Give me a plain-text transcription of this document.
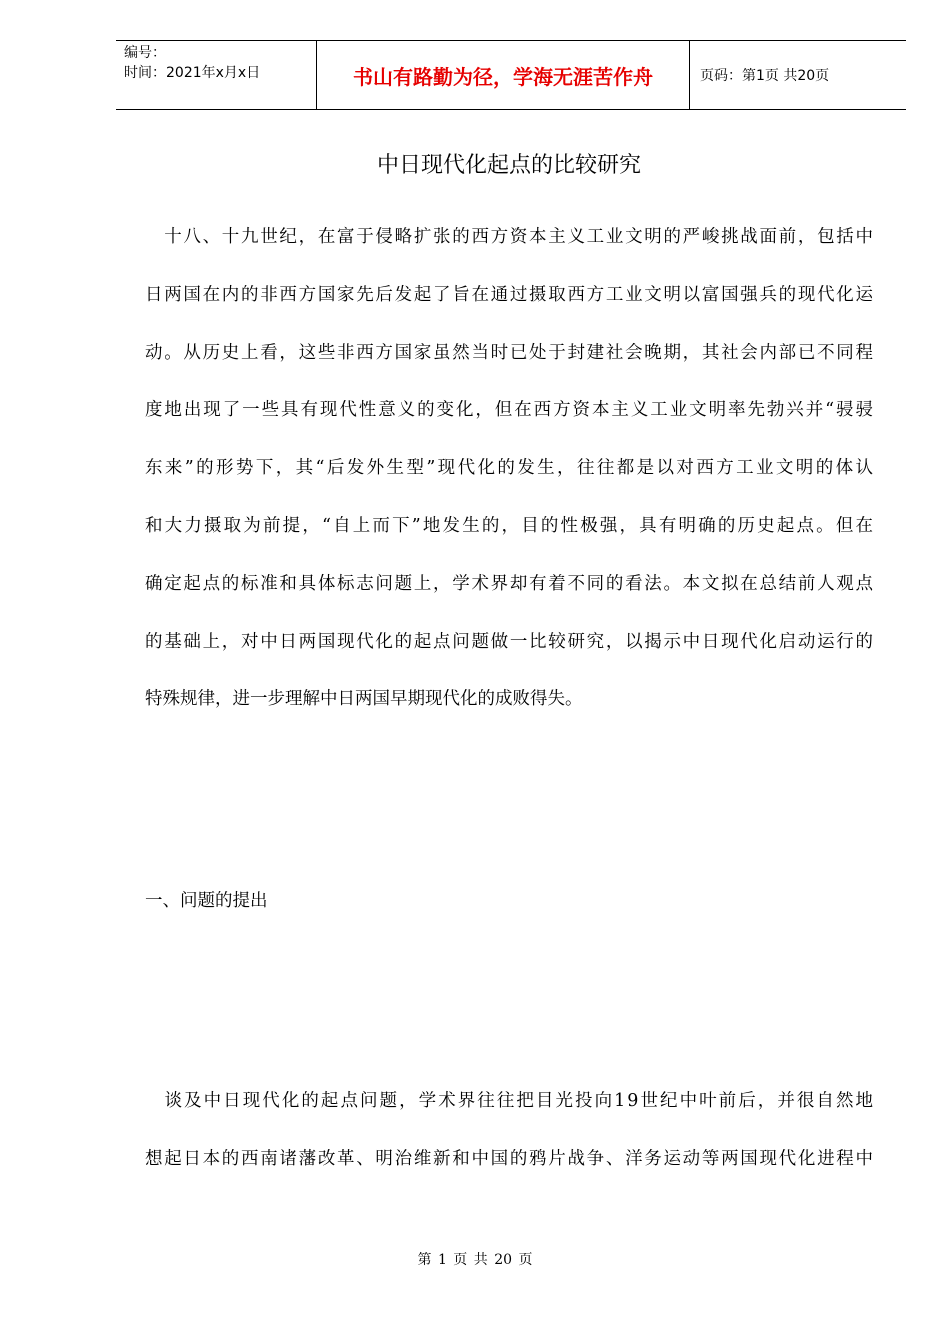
编号：
时间：2021年x月x日	书山有路勤为径，学海无涯苦作舟	页码：第1页 共20页
中日现代化起点的比较研究
　十八、十九世纪，在富于侵略扩张的西方资本主义工业文明的严峻挑战面前，包括中
日两国在内的非西方国家先后发起了旨在通过摄取西方工业文明以富国强兵的现代化运
动。从历史上看，这些非西方国家虽然当时已处于封建社会晚期，其社会内部已不同程
度地出现了一些具有现代性意义的变化，但在西方资本主义工业文明率先勃兴并“骎骎
东来”的形势下，其“后发外生型”现代化的发生，往往都是以对西方工业文明的体认
和大力摄取为前提，“自上而下”地发生的，目的性极强，具有明确的历史起点。但在
确定起点的标准和具体标志问题上，学术界却有着不同的看法。本文拟在总结前人观点
的基础上，对中日两国现代化的起点问题做一比较研究，以揭示中日现代化启动运行的
特殊规律，进一步理解中日两国早期现代化的成败得失。
一、问题的提出
　谈及中日现代化的起点问题，学术界往往把目光投向19世纪中叶前后，并很自然地
想起日本的西南诸藩改革、明治维新和中国的鸦片战争、洋务运动等两国现代化进程中
第 1 页 共 20 页
